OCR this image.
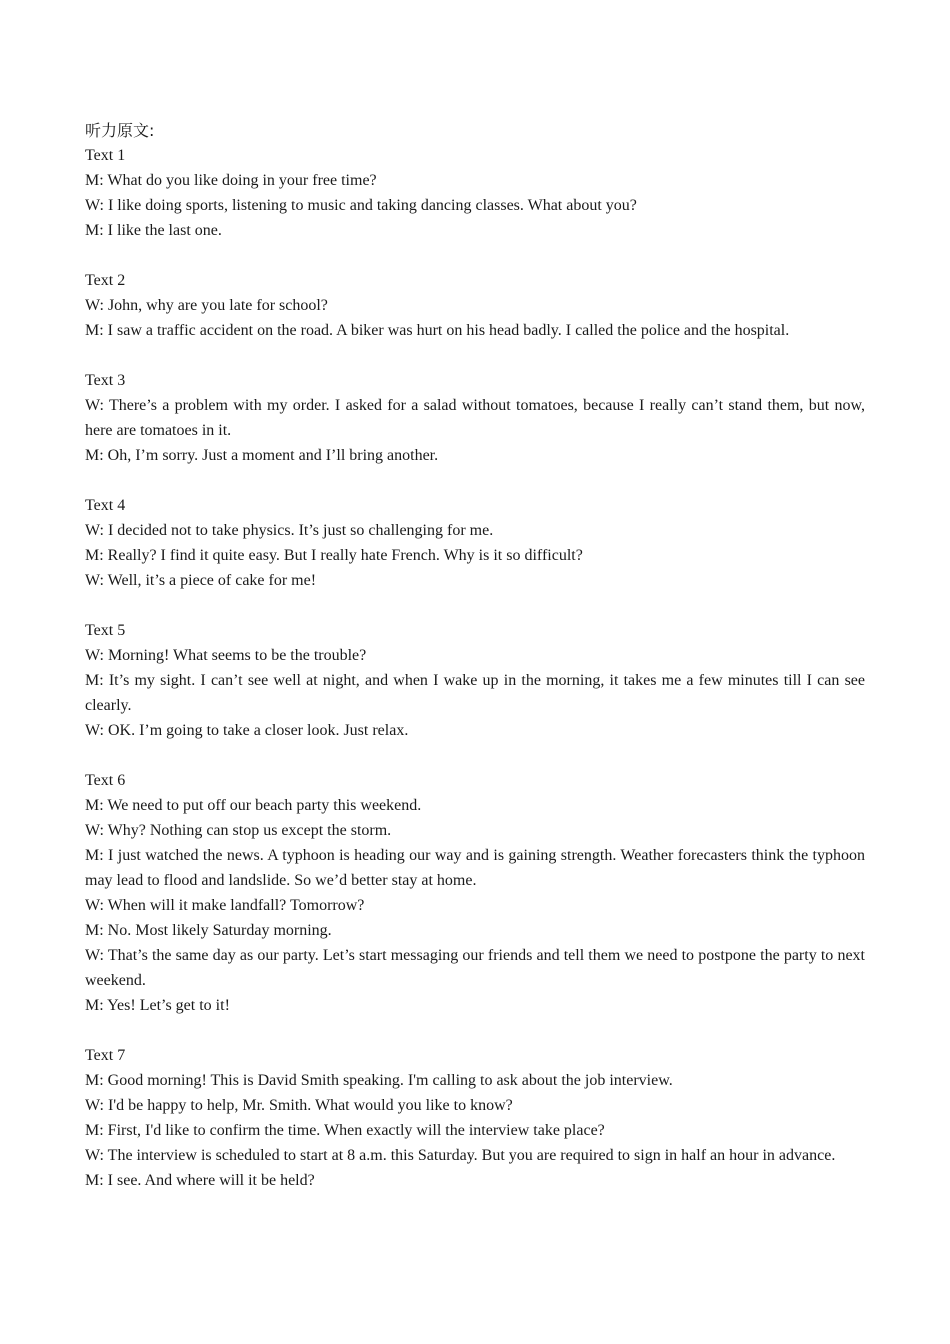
听力原文:

Text 1

M: What do you like doing in your free time?

W: I like doing sports, listening to music and taking dancing classes. What about you?

M: I like the last one.

Text 2

W: John, why are you late for school?

M: I saw a traffic accident on the road. A biker was hurt on his head badly. I called the police and the hospital.

Text 3

W: There’s a problem with my order. I asked for a salad without tomatoes, because I really can’t stand them, but now, here are tomatoes in it.

M: Oh, I’m sorry. Just a moment and I’ll bring another.

Text 4

W: I decided not to take physics. It’s just so challenging for me.

M: Really? I find it quite easy. But I really hate French. Why is it so difficult?

W: Well, it’s a piece of cake for me!

Text 5

W: Morning! What seems to be the trouble?

M: It’s my sight. I can’t see well at night, and when I wake up in the morning, it takes me a few minutes till I can see clearly.

W: OK. I’m going to take a closer look. Just relax.

Text 6

M: We need to put off our beach party this weekend.

W: Why? Nothing can stop us except the storm.

M: I just watched the news. A typhoon is heading our way and is gaining strength. Weather forecasters think the typhoon may lead to flood and landslide. So we’d better stay at home.

W: When will it make landfall? Tomorrow?

M: No. Most likely Saturday morning.

W: That’s the same day as our party. Let’s start messaging our friends and tell them we need to postpone the party to next weekend.

M: Yes! Let’s get to it!

Text 7

M: Good morning! This is David Smith speaking. I'm calling to ask about the job interview.

W: I'd be happy to help, Mr. Smith. What would you like to know?

M: First, I'd like to confirm the time. When exactly will the interview take place?

W: The interview is scheduled to start at 8 a.m. this Saturday. But you are required to sign in half an hour in advance.

M: I see. And where will it be held?
